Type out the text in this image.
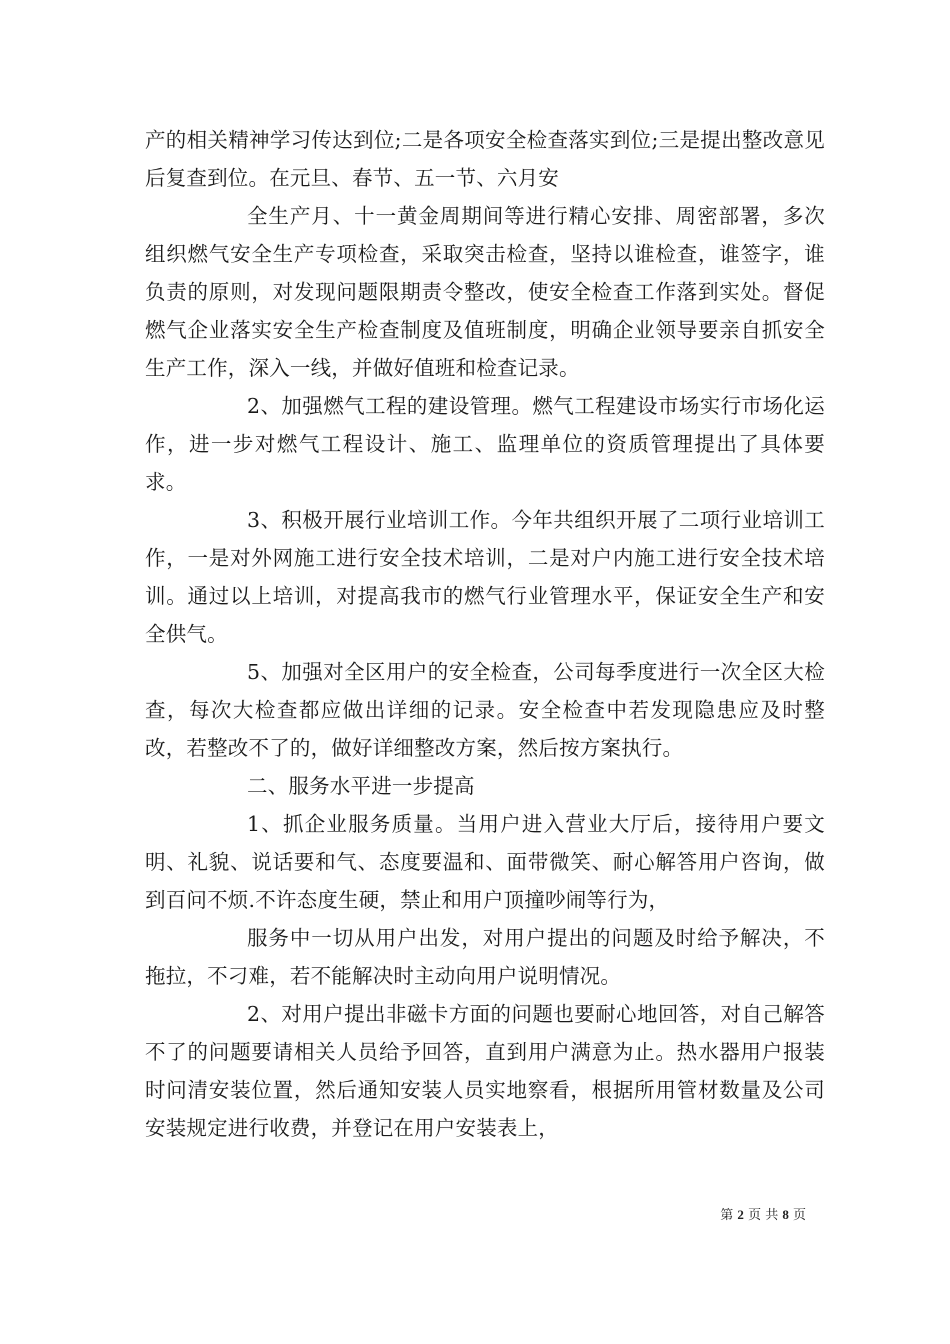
产的相关精神学习传达到位;二是各项安全检查落实到位;三是提出整改意见后复查到位。在元旦、春节、五一节、六月安

全生产月、十一黄金周期间等进行精心安排、周密部署，多次组织燃气安全生产专项检查，采取突击检查，坚持以谁检查，谁签字，谁负责的原则，对发现问题限期责令整改，使安全检查工作落到实处。督促燃气企业落实安全生产检查制度及值班制度，明确企业领导要亲自抓安全生产工作，深入一线，并做好值班和检查记录。

2、加强燃气工程的建设管理。燃气工程建设市场实行市场化运作，进一步对燃气工程设计、施工、监理单位的资质管理提出了具体要求。

3、积极开展行业培训工作。今年共组织开展了二项行业培训工作，一是对外网施工进行安全技术培训，二是对户内施工进行安全技术培训。通过以上培训，对提高我市的燃气行业管理水平，保证安全生产和安全供气。

5、加强对全区用户的安全检查，公司每季度进行一次全区大检查，每次大检查都应做出详细的记录。安全检查中若发现隐患应及时整改，若整改不了的，做好详细整改方案，然后按方案执行。

二、服务水平进一步提高

1、抓企业服务质量。当用户进入营业大厅后，接待用户要文明、礼貌、说话要和气、态度要温和、面带微笑、耐心解答用户咨询，做到百问不烦.不许态度生硬，禁止和用户顶撞吵闹等行为，

服务中一切从用户出发，对用户提出的问题及时给予解决，不拖拉，不刁难，若不能解决时主动向用户说明情况。

2、对用户提出非磁卡方面的问题也要耐心地回答，对自己解答不了的问题要请相关人员给予回答，直到用户满意为止。热水器用户报装时问清安装位置，然后通知安装人员实地察看，根据所用管材数量及公司安装规定进行收费，并登记在用户安装表上，

第 2 页 共 8 页
